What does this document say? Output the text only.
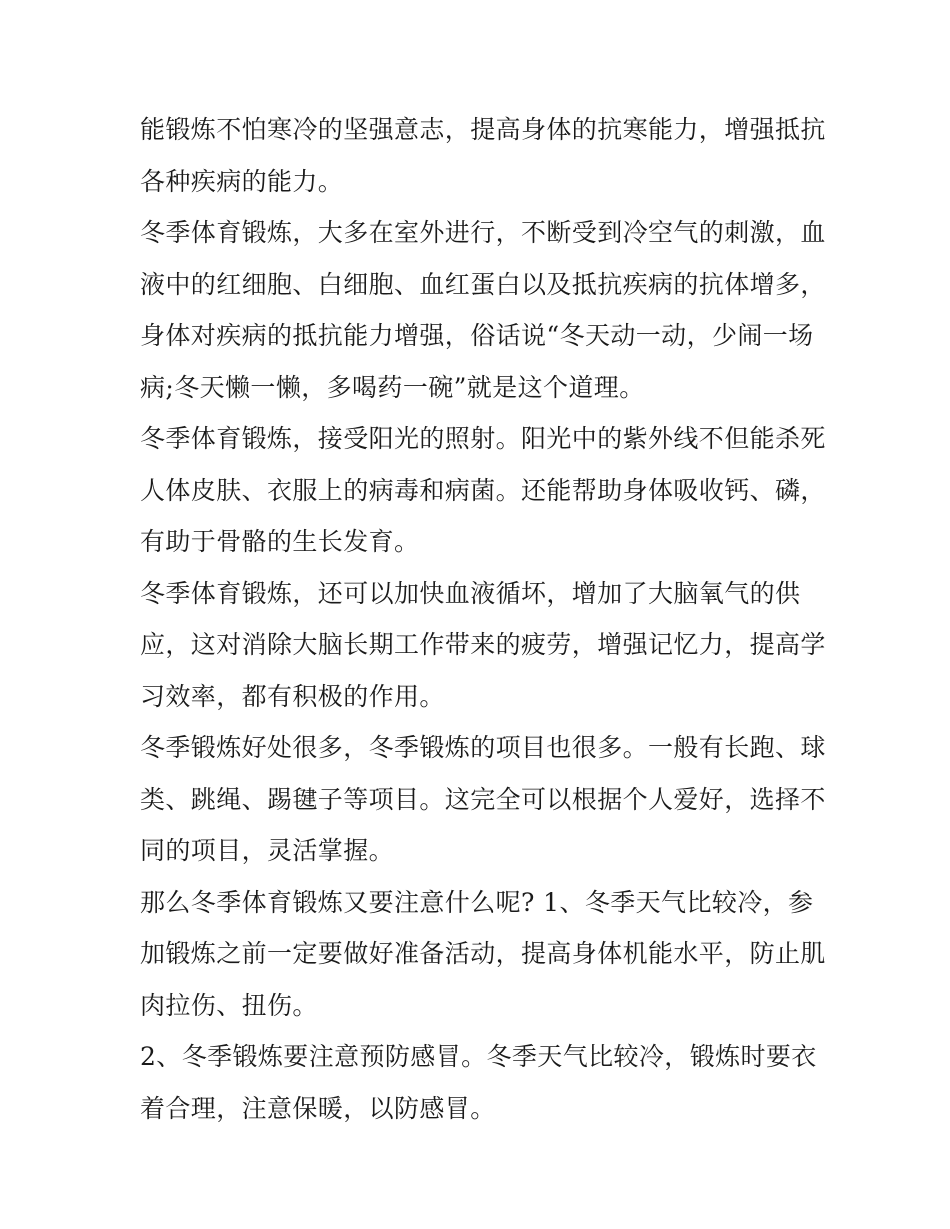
能锻炼不怕寒冷的坚强意志，提高身体的抗寒能力，增强抵抗
各种疾病的能力。
冬季体育锻炼，大多在室外进行，不断受到冷空气的刺激，血
液中的红细胞、白细胞、血红蛋白以及抵抗疾病的抗体增多，
身体对疾病的抵抗能力增强，俗话说“冬天动一动，少闹一场
病;冬天懒一懒，多喝药一碗”就是这个道理。
冬季体育锻炼，接受阳光的照射。阳光中的紫外线不但能杀死
人体皮肤、衣服上的病毒和病菌。还能帮助身体吸收钙、磷，
有助于骨骼的生长发育。
冬季体育锻炼，还可以加快血液循坏，增加了大脑氧气的供
应，这对消除大脑长期工作带来的疲劳，增强记忆力，提高学
习效率，都有积极的作用。
冬季锻炼好处很多，冬季锻炼的项目也很多。一般有长跑、球
类、跳绳、踢毽子等项目。这完全可以根据个人爱好，选择不
同的项目，灵活掌握。
那么冬季体育锻炼又要注意什么呢? 1、冬季天气比较冷，参
加锻炼之前一定要做好准备活动，提高身体机能水平，防止肌
肉拉伤、扭伤。
2、冬季锻炼要注意预防感冒。冬季天气比较冷，锻炼时要衣
着合理，注意保暖，以防感冒。
